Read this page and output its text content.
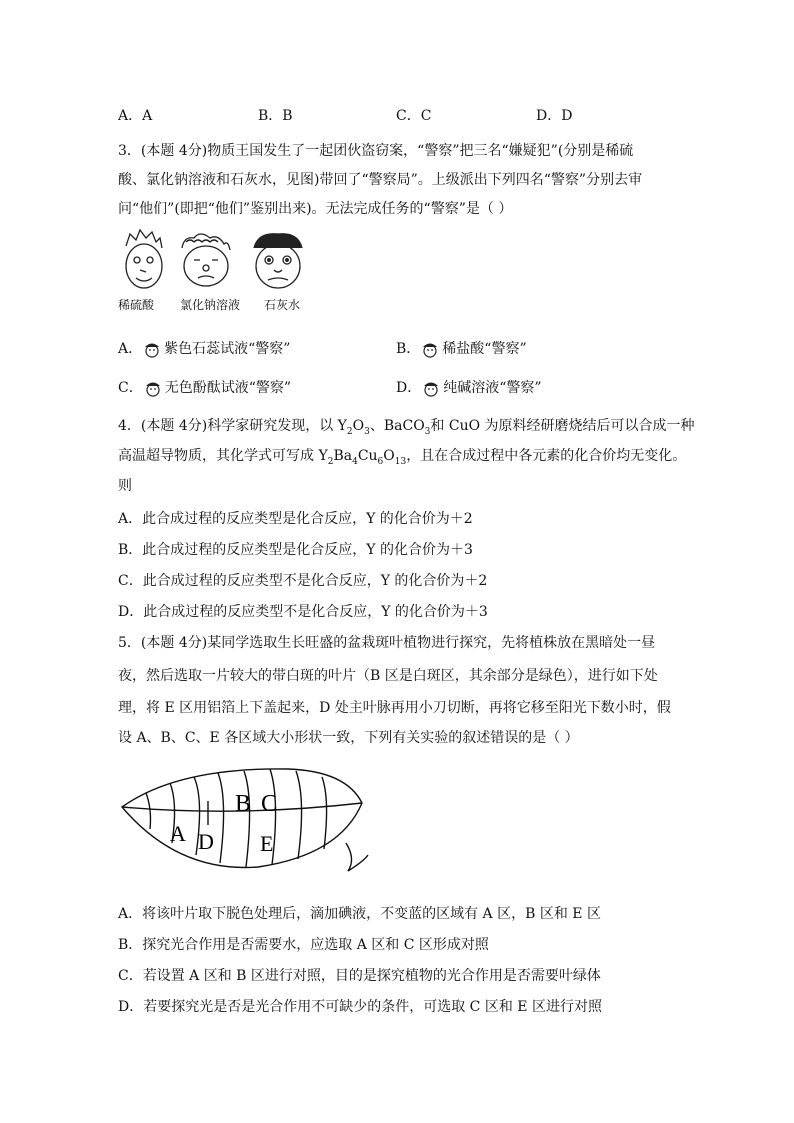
A．A	B．B	C．C	D．D
3．(本题 4分)物质王国发生了一起团伙盗窃案，“警察”把三名“嫌疑犯”(分别是稀硫
酸、氯化钠溶液和石灰水，见图)带回了“警察局”。上级派出下列四名“警察”分别去审
问“他们”(即把“他们”鉴别出来)。无法完成任务的“警察”是（ ）
稀硫酸 氯化钠溶液 石灰水
A． 紫色石蕊试液“警察”	B． 稀盐酸“警察”
C． 无色酚酞试液“警察”	D． 纯碱溶液“警察”
4．(本题 4分)科学家研究发现，以 $Y_2O_3$、BaCO$_3$和 CuO 为原料经研磨烧结后可以合成一种
高温超导物质，其化学式可写成 $Y_2Ba_4Cu_6O_{13}$，且在合成过程中各元素的化合价均无变化。
则
A．此合成过程的反应类型是化合反应，Y 的化合价为＋2
B．此合成过程的反应类型是化合反应，Y 的化合价为＋3
C．此合成过程的反应类型不是化合反应，Y 的化合价为＋2
D．此合成过程的反应类型不是化合反应，Y 的化合价为＋3
5．(本题 4分)某同学选取生长旺盛的盆栽斑叶植物进行探究，先将植株放在黑暗处一昼
夜，然后选取一片较大的带白斑的叶片（B 区是白斑区，其余部分是绿色），进行如下处
理，将 E 区用铝箔上下盖起来，D 处主叶脉再用小刀切断，再将它移至阳光下数小时，假
设 A、B、C、E 各区域大小形状一致，下列有关实验的叙述错误的是（ ）
B C
A D E
A．将该叶片取下脱色处理后，滴加碘液，不变蓝的区域有 A 区，B 区和 E 区
B．探究光合作用是否需要水，应选取 A 区和 C 区形成对照
C．若设置 A 区和 B 区进行对照，目的是探究植物的光合作用是否需要叶绿体
D．若要探究光是否是光合作用不可缺少的条件，可选取 C 区和 E 区进行对照
